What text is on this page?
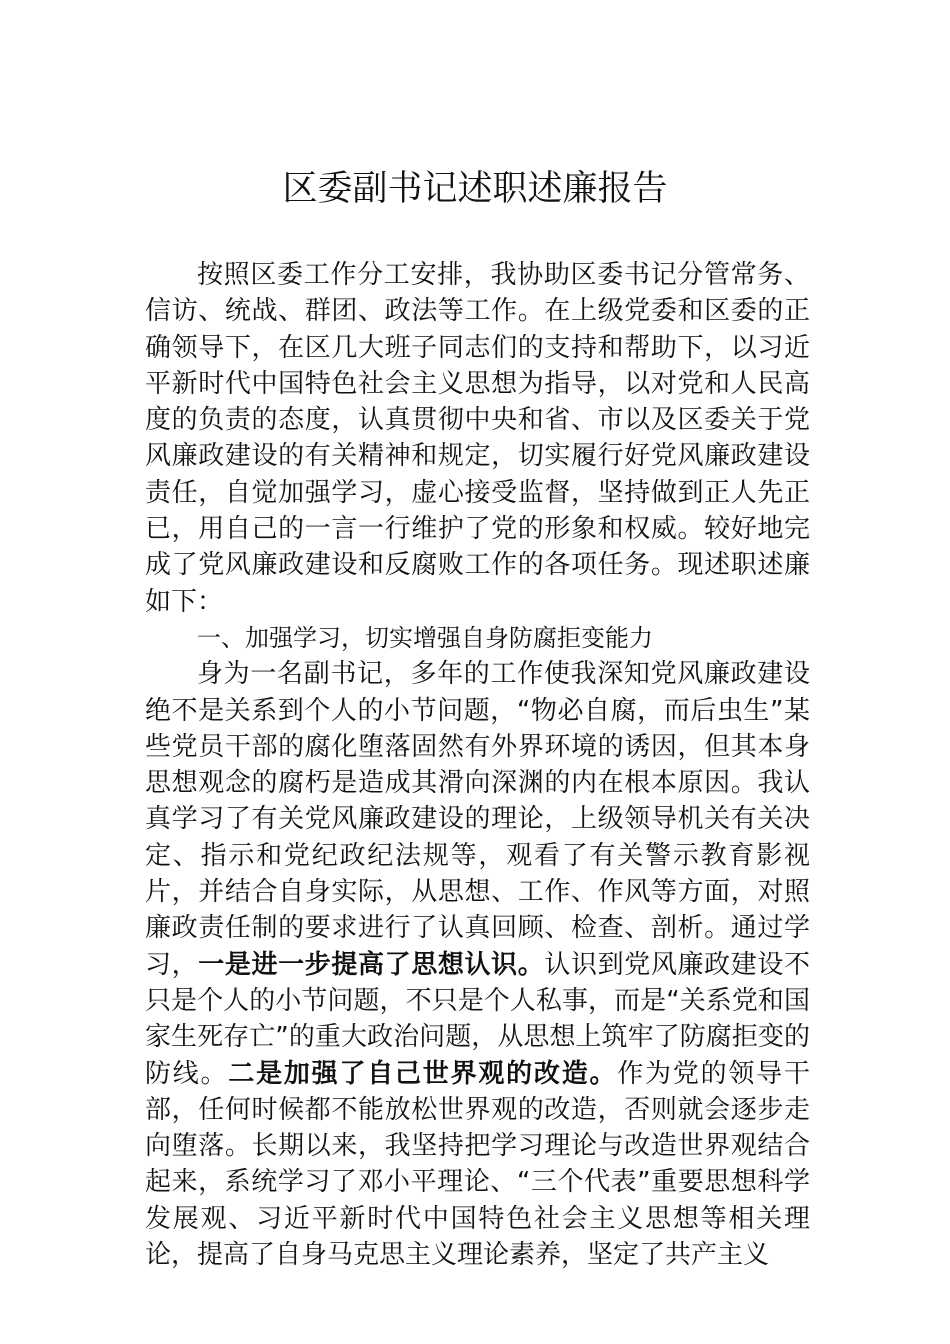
区委副书记述职述廉报告

按照区委工作分工安排，我协助区委书记分管常务、信访、统战、群团、政法等工作。在上级党委和区委的正确领导下，在区几大班子同志们的支持和帮助下，以习近平新时代中国特色社会主义思想为指导，以对党和人民高度的负责的态度，认真贯彻中央和省、市以及区委关于党风廉政建设的有关精神和规定，切实履行好党风廉政建设责任，自觉加强学习，虚心接受监督，坚持做到正人先正已，用自己的一言一行维护了党的形象和权威。较好地完成了党风廉政建设和反腐败工作的各项任务。现述职述廉如下：

一、加强学习，切实增强自身防腐拒变能力

身为一名副书记，多年的工作使我深知党风廉政建设绝不是关系到个人的小节问题，“物必自腐，而后虫生”某些党员干部的腐化堕落固然有外界环境的诱因，但其本身思想观念的腐朽是造成其滑向深渊的内在根本原因。我认真学习了有关党风廉政建设的理论，上级领导机关有关决定、指示和党纪政纪法规等，观看了有关警示教育影视片，并结合自身实际，从思想、工作、作风等方面，对照廉政责任制的要求进行了认真回顾、检查、剖析。通过学习，一是进一步提高了思想认识。认识到党风廉政建设不只是个人的小节问题，不只是个人私事，而是“关系党和国家生死存亡”的重大政治问题，从思想上筑牢了防腐拒变的防线。二是加强了自己世界观的改造。作为党的领导干部，任何时候都不能放松世界观的改造，否则就会逐步走向堕落。长期以来，我坚持把学习理论与改造世界观结合起来，系统学习了邓小平理论、“三个代表”重要思想科学发展观、习近平新时代中国特色社会主义思想等相关理论，提高了自身马克思主义理论素养，坚定了共产主义
